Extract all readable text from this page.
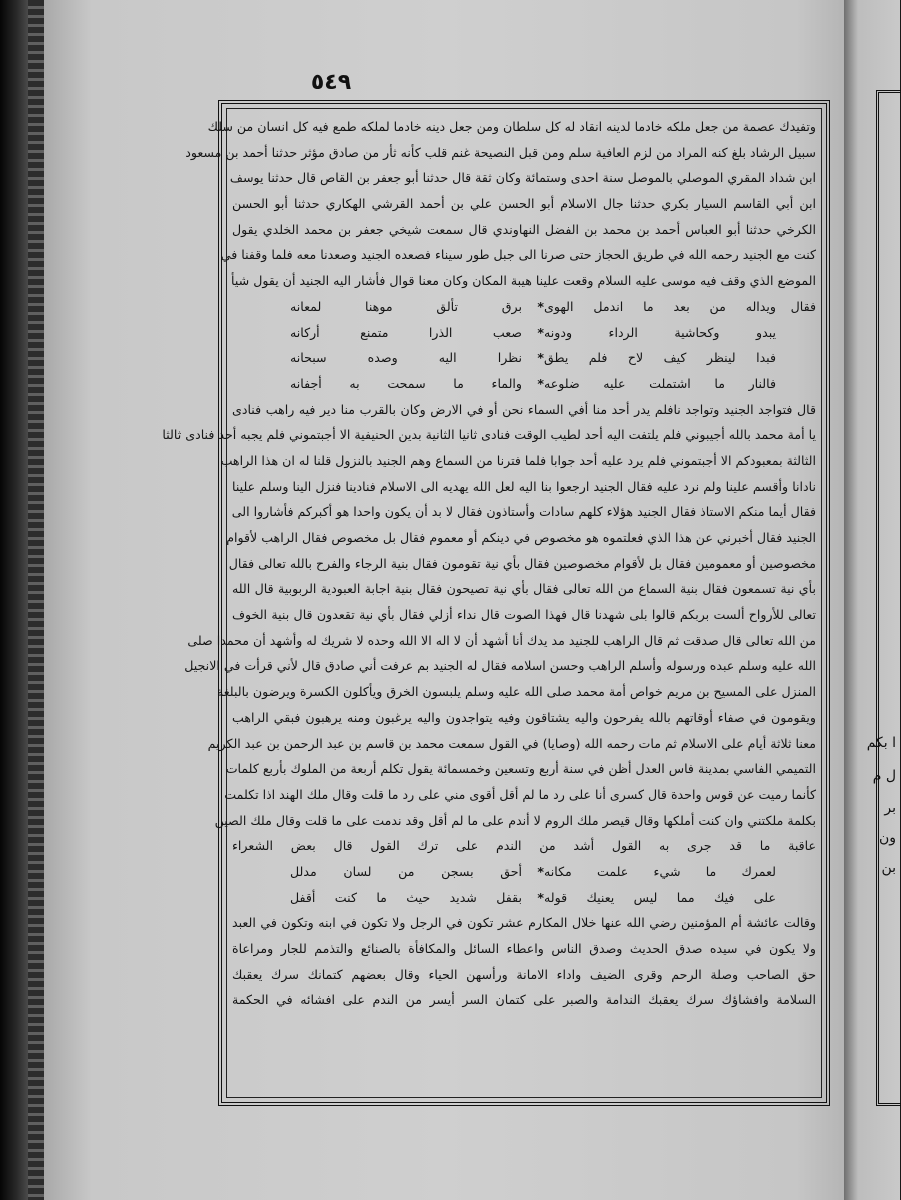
٥٤٩
ا بكم
ل م
بر
ون
بن
وتفيدك عصمة من جعل ملكه خادما لدينه انقاد له كل سلطان ومن جعل دينه خادما لملكه طمع فيه كل انسان من سلك
سبيل الرشاد بلغ كنه المراد من لزم العافية سلم ومن قبل النصيحة غنم قلب كأنه ثأر من صادق مؤثر حدثنا أحمد بن مسعود
ابن شداد المقري الموصلي بالموصل سنة احدى وستمائة وكان ثقة قال حدثنا أبو جعفر بن القاص قال حدثنا يوسف
ابن أبي القاسم السيار بكري حدثنا جال الاسلام أبو الحسن علي بن أحمد القرشي الهكاري حدثنا أبو الحسن
الكرخي حدثنا أبو العباس أحمد بن محمد بن الفضل النهاوندي قال سمعت شيخي جعفر بن محمد الخلدي يقول
كنت مع الجنيد رحمه الله في طريق الحجاز حتى صرنا الى جبل طور سيناء فصعده الجنيد وصعدنا معه فلما وقفنا في
الموضع الذي وقف فيه موسى عليه السلام وقعت علينا هيبة المكان وكان معنا قوال فأشار اليه الجنيد أن يقول شيأ
فقال
ويداله من بعد ما اندمل الهوى
*
برق تألق موهنا لمعانه
يبدو وكحاشية الرداء ودونه
*
صعب الذرا متمنع أركانه
فبدا لينظر كيف لاح فلم يطق
*
نظرا اليه وصده سبحانه
فالنار ما اشتملت عليه ضلوعه
*
والماء ما سمحت به أجفانه
قال فتواجد الجنيد وتواجد نافلم يدر أحد منا أفي السماء نحن أو في الارض وكان بالقرب منا دير فيه راهب فنادى
يا أمة محمد بالله أجيبوني فلم يلتفت اليه أحد لطيب الوقت فنادى ثانيا الثانية بدين الحنيفية الا أجبتموني فلم يجبه أحد فنادى ثالثا
الثالثة بمعبودكم الا أجبتموني فلم يرد عليه أحد جوابا فلما فترنا من السماع وهم الجنيد بالنزول قلنا له ان هذا الراهب
نادانا وأقسم علينا ولم نرد عليه فقال الجنيد ارجعوا بنا اليه لعل الله يهديه الى الاسلام فنادينا فنزل الينا وسلم علينا
فقال أيما منكم الاستاذ فقال الجنيد هؤلاء كلهم سادات وأستاذون فقال لا بد أن يكون واحدا هو أكبركم فأشاروا الى
الجنيد فقال أخبرني عن هذا الذي فعلتموه هو مخصوص في دينكم أو معموم فقال بل مخصوص فقال الراهب لأقوام
مخصوصين أو معمومين فقال بل لأقوام مخصوصين فقال بأي نية تقومون فقال بنية الرجاء والفرح بالله تعالى فقال
بأي نية تسمعون فقال بنية السماع من الله تعالى فقال بأي نية تصيحون فقال بنية اجابة العبودية الربوبية قال الله
تعالى للأرواح ألست بربكم قالوا بلى شهدنا قال فهذا الصوت قال نداء أزلي فقال بأي نية تقعدون قال بنية الخوف
من الله تعالى قال صدقت ثم قال الراهب للجنيد مد يدك أنا أشهد أن لا اله الا الله وحده لا شريك له وأشهد أن محمدا صلى
الله عليه وسلم عبده ورسوله وأسلم الراهب وحسن اسلامه فقال له الجنيد بم عرفت أني صادق قال لأني قرأت في الانجيل
المنزل على المسيح بن مريم خواص أمة محمد صلى الله عليه وسلم يلبسون الخرق ويأكلون الكسرة ويرضون بالبلغة
ويقومون في صفاء أوقاتهم بالله يفرحون واليه يشتاقون وفيه يتواجدون واليه يرغبون ومنه يرهبون فبقي الراهب
معنا ثلاثة أيام على الاسلام ثم مات رحمه الله (وصايا) في القول سمعت محمد بن قاسم بن عبد الرحمن بن عبد الكريم
التميمي الفاسي بمدينة فاس العدل أظن في سنة أربع وتسعين وخمسمائة يقول تكلم أربعة من الملوك بأربع كلمات
كأنما رميت عن قوس واحدة قال كسرى أنا على رد ما لم أقل أقوى مني على رد ما قلت وقال ملك الهند اذا تكلمت
بكلمة ملكتني وان كنت أملكها وقال قيصر ملك الروم لا أندم على ما لم أقل وقد ندمت على ما قلت وقال ملك الصين
عاقبة ما قد جرى به القول أشد من الندم على ترك القول قال بعض الشعراء
لعمرك ما شيء علمت مكانه
*
أحق بسجن من لسان مدلل
على فيك مما ليس يعنيك قوله
*
بقفل شديد حيث ما كنت أقفل
وقالت عائشة أم المؤمنين رضي الله عنها خلال المكارم عشر تكون في الرجل ولا تكون في ابنه وتكون في العبد
ولا يكون في سيده صدق الحديث وصدق الناس واعطاء السائل والمكافأة بالصنائع والتذمم للجار ومراعاة
حق الصاحب وصلة الرحم وقرى الضيف واداء الامانة ورأسهن الحياء وقال بعضهم كتمانك سرك يعقبك
السلامة وافشاؤك سرك يعقبك الندامة والصبر على كتمان السر أيسر من الندم على افشائه في الحكمة
